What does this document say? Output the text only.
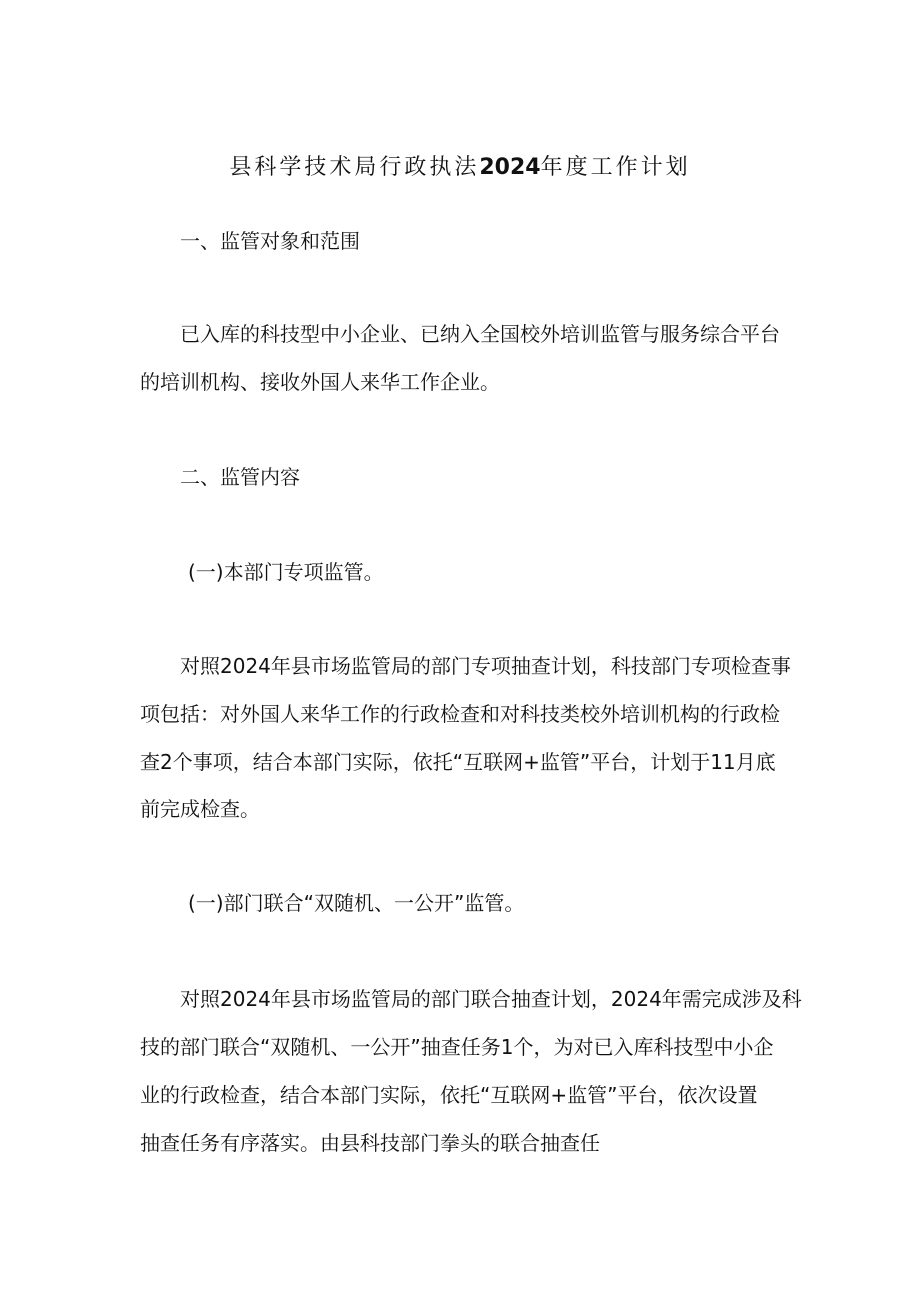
县科学技术局行政执法2024年度工作计划
一、监管对象和范围
已入库的科技型中小企业、已纳入全国校外培训监管与服务综合平台
的培训机构、接收外国人来华工作企业。
二、监管内容
(一)本部门专项监管。
对照2024年县市场监管局的部门专项抽查计划，科技部门专项检查事
项包括：对外国人来华工作的行政检查和对科技类校外培训机构的行政检
查2个事项，结合本部门实际，依托“互联网+监管”平台，计划于11月底
前完成检查。
(一)部门联合“双随机、一公开”监管。
对照2024年县市场监管局的部门联合抽查计划，2024年需完成涉及科
技的部门联合“双随机、一公开”抽查任务1个，为对已入库科技型中小企
业的行政检查，结合本部门实际，依托“互联网+监管”平台，依次设置
抽查任务有序落实。由县科技部门拳头的联合抽查任
